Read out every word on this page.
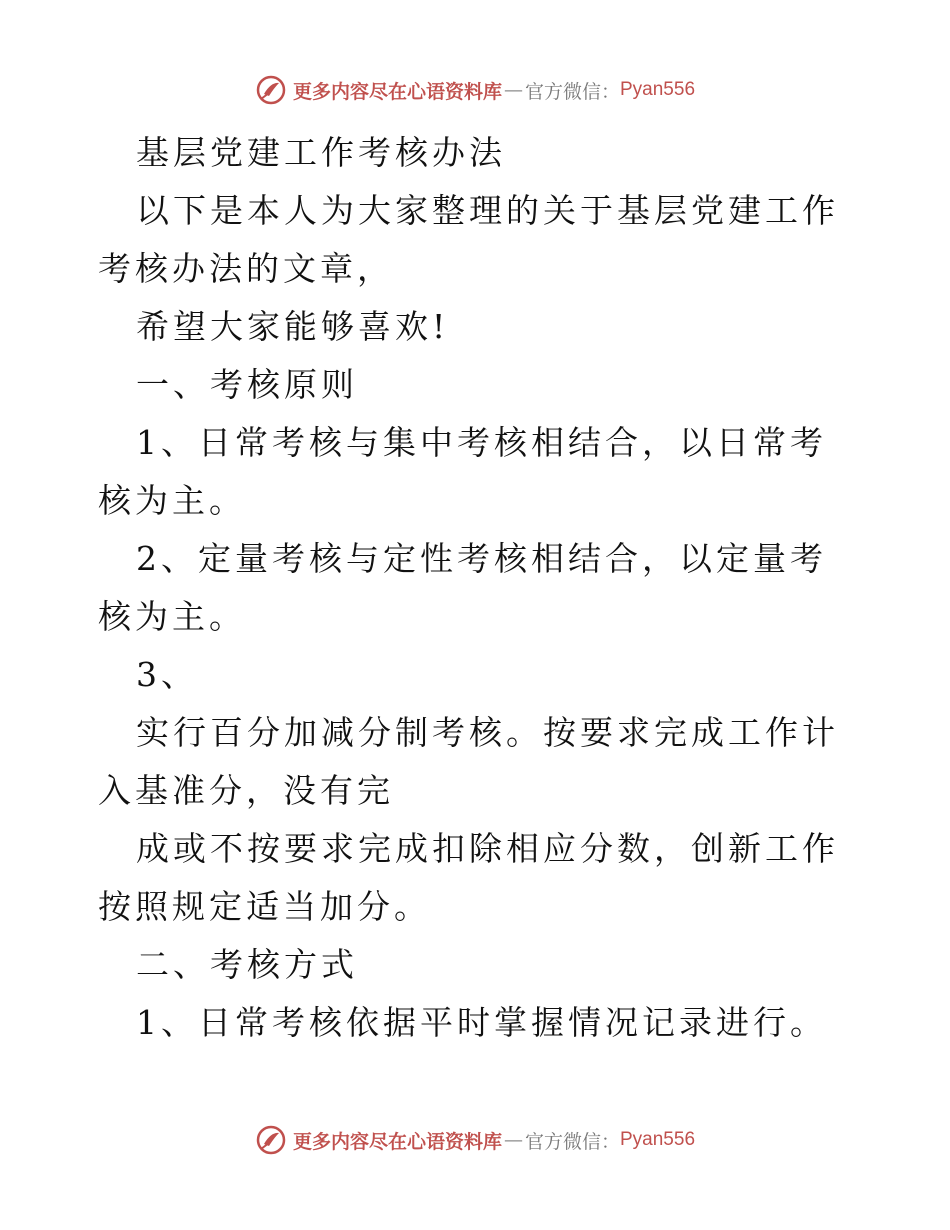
更多内容尽在心语资料库 — 官方微信： Pyan556

基层党建工作考核办法

以下是本人为大家整理的关于基层党建工作考核办法的文章，

希望大家能够喜欢!

一、考核原则

1、日常考核与集中考核相结合，以日常考核为主。

2、定量考核与定性考核相结合，以定量考核为主。

3、

实行百分加减分制考核。按要求完成工作计入基准分，没有完

成或不按要求完成扣除相应分数，创新工作按照规定适当加分。

二、考核方式

1、日常考核依据平时掌握情况记录进行。

更多内容尽在心语资料库 — 官方微信： Pyan556
